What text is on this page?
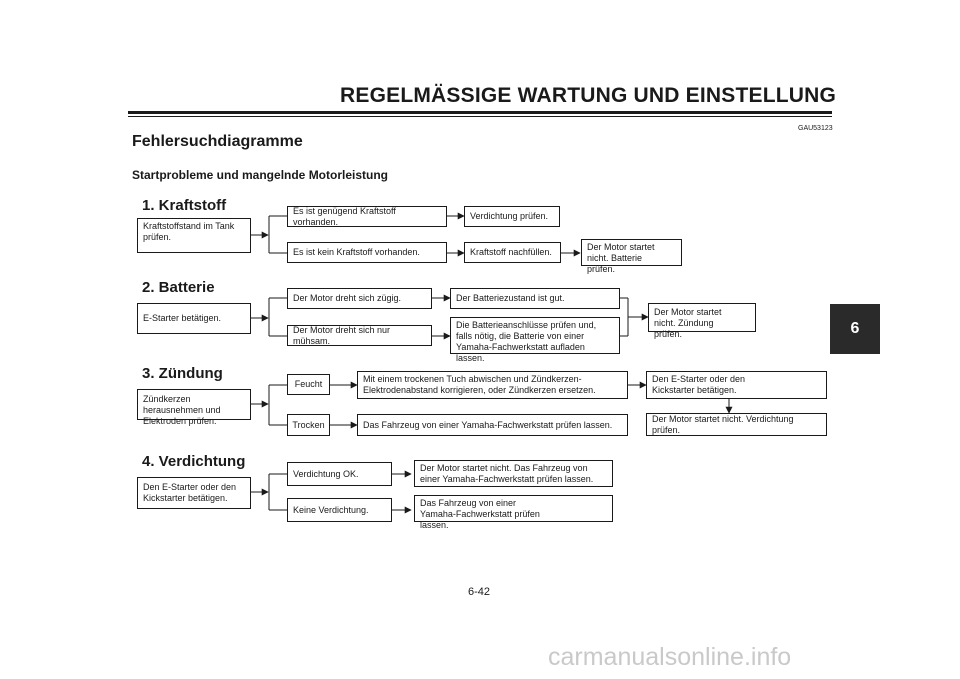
REGELMÄSSIGE WARTUNG UND EINSTELLUNG
GAU53123
Fehlersuchdiagramme
Startprobleme und mangelnde Motorleistung
6
1. Kraftstoff
Kraftstoffstand im Tank prüfen.
Es ist genügend Kraftstoff vorhanden.
Verdichtung prüfen.
Es ist kein Kraftstoff vorhanden.	Kraftstoff nachfüllen.	Der Motor startet nicht. Batterie prüfen.
2. Batterie
E-Starter betätigen.
Der Motor dreht sich zügig.	Der Batteriezustand ist gut.
Der Motor dreht sich nur mühsam.
Die Batterieanschlüsse prüfen und, falls nötig, die Batterie von einer Yamaha-Fachwerkstatt aufladen lassen.
Der Motor startet nicht. Zündung prüfen.
3. Zündung
Zündkerzen herausnehmen und Elektroden prüfen.
Feucht	Mit einem trockenen Tuch abwischen und Zündkerzen-Elektrodenabstand korrigieren, oder Zündkerzen ersetzen.
Den E-Starter oder den Kickstarter betätigen.
Der Motor startet nicht. Verdichtung prüfen.
Trocken	Das Fahrzeug von einer Yamaha-Fachwerkstatt prüfen lassen.
4. Verdichtung
Den E-Starter oder den Kickstarter betätigen.
Verdichtung OK.
Der Motor startet nicht. Das Fahrzeug von einer Yamaha-Fachwerkstatt prüfen lassen.
Keine Verdichtung.
Das Fahrzeug von einer Yamaha-Fachwerkstatt prüfen lassen.
6-42
carmanualsonline.info
